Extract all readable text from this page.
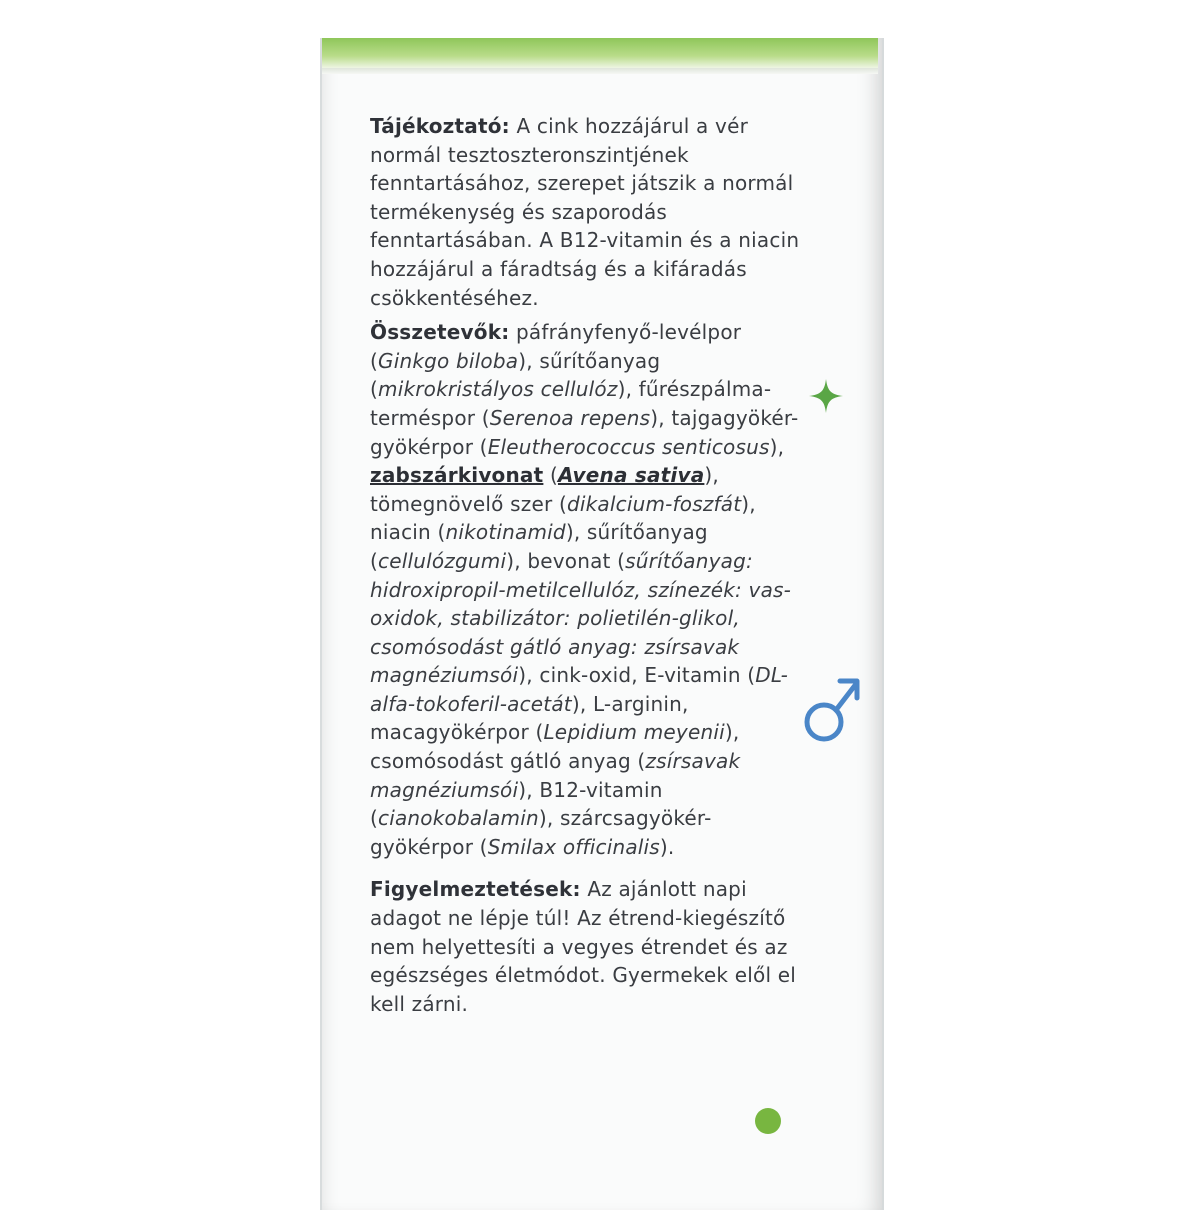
Tájékoztató: A cink hozzájárul a vér normál tesztoszteronszintjének fenntartásához, szerepet játszik a normál termékenység és szaporodás fenntartásában. A B12-vitamin és a niacin hozzájárul a fáradtság és a kifáradás csökkentéséhez.

Összetevők: páfrányfenyő-levélpor (Ginkgo biloba), sűrítőanyag (mikrokristályos cellulóz), fűrészpálma-terméspor (Serenoa repens), tajgagyökér-gyökérpor (Eleutherococcus senticosus), zabszárkivonat (Avena sativa), tömegnövelő szer (dikalcium-foszfát), niacin (nikotinamid), sűrítőanyag (cellulózgumi), bevonat (sűrítőanyag: hidroxipropil-metilcellulóz, színezék: vas-oxidok, stabilizátor: polietilén-glikol, csomósodást gátló anyag: zsírsavak magnéziumsói), cink-oxid, E-vitamin (DL-alfa-tokoferil-acetát), L-arginin, macagyökérpor (Lepidium meyenii), csomósodást gátló anyag (zsírsavak magnéziumsói), B12-vitamin (cianokobalamin), szárcsagyökér-gyökérpor (Smilax officinalis).

Figyelmeztetések: Az ajánlott napi adagot ne lépje túl! Az étrend-kiegészítő nem helyettesíti a vegyes étrendet és az egészséges életmódot. Gyermekek elől el kell zárni.
